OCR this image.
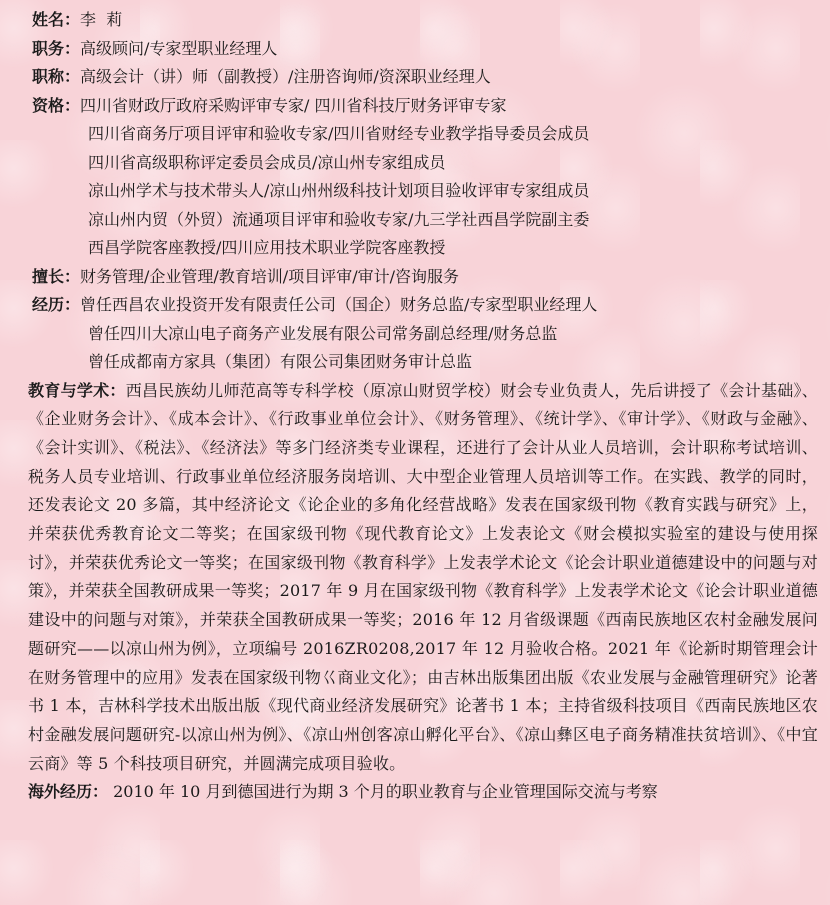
姓名： 李  莉
职务： 高级顾问/专家型职业经理人
职称： 高级会计（讲）师（副教授）/注册咨询师/资深职业经理人
资格： 四川省财政厅政府采购评审专家/ 四川省科技厅财务评审专家
四川省商务厅项目评审和验收专家/四川省财经专业教学指导委员会成员
四川省高级职称评定委员会成员/凉山州专家组成员
凉山州学术与技术带头人/凉山州州级科技计划项目验收评审专家组成员
凉山州内贸（外贸）流通项目评审和验收专家/九三学社西昌学院副主委
西昌学院客座教授/四川应用技术职业学院客座教授
擅长： 财务管理/企业管理/教育培训/项目评审/审计/咨询服务
经历： 曾任西昌农业投资开发有限责任公司（国企）财务总监/专家型职业经理人
曾任四川大凉山电子商务产业发展有限公司常务副总经理/财务总监
曾任成都南方家具（集团）有限公司集团财务审计总监
教育与学术：西昌民族幼儿师范高等专科学校（原凉山财贸学校）财会专业负责人，先后讲授了《会计基础》、《企业财务会计》、《成本会计》、《行政事业单位会计》、《财务管理》、《统计学》、《审计学》、《财政与金融》、《会计实训》、《税法》、《经济法》等多门经济类专业课程，还进行了会计从业人员培训，会计职称考试培训、税务人员专业培训、行政事业单位经济服务岗培训、大中型企业管理人员培训等工作。在实践、教学的同时，还发表论文 20 多篇，其中经济论文《论企业的多角化经营战略》发表在国家级刊物《教育实践与研究》上，并荣获优秀教育论文二等奖；在国家级刊物《现代教育论文》上发表论文《财会模拟实验室的建设与使用探讨》，并荣获优秀论文一等奖；在国家级刊物《教育科学》上发表学术论文《论会计职业道德建设中的问题与对策》，并荣获全国教研成果一等奖；2017 年 9 月在国家级刊物《教育科学》上发表学术论文《论会计职业道德建设中的问题与对策》，并荣获全国教研成果一等奖；2016 年 12 月省级课题《西南民族地区农村金融发展问题研究——以凉山州为例》，立项编号 2016ZR0208,2017 年 12 月验收合格。2021 年《论新时期管理会计在财务管理中的应用》发表在国家级刊物巜商业文化》；由吉林出版集团出版《农业发展与金融管理研究》论著书 1 本，吉林科学技术出版出版《现代商业经济发展研究》论著书 1 本；主持省级科技项目《西南民族地区农村金融发展问题研究-以凉山州为例》、《凉山州创客凉山孵化平台》、《凉山彝区电子商务精准扶贫培训》、《中宜云商》等 5 个科技项目研究，并圆满完成项目验收。
海外经历： 2010 年 10 月到德国进行为期 3 个月的职业教育与企业管理国际交流与考察
